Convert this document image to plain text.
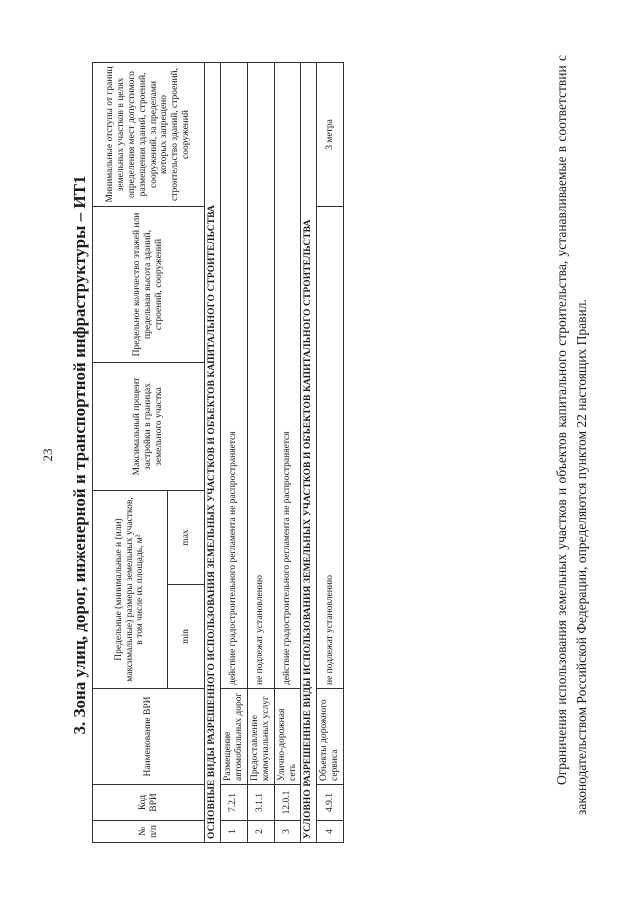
23 3. Зона улиц, дорог, инженерной и транспортной инфраструктуры – ИТ1
№ п/п	Код ВРИ	Наименование ВРИ	Предельные (минимальные и (или) максимальные) размеры земельных участков, в том числе их площадь, м²		Максимальный процент застройки в границах земельного участка	Предельное количество этажей или предельная высота зданий, строений, сооружений	Минимальные отступы от границ земельных участков в целях определения мест допустимого размещения зданий, строений, сооружений, за пределами которых запрещено строительство зданий, строений, сооружений
			min	max			
ОСНОВНЫЕ ВИДЫ РАЗРЕШЕННОГО ИСПОЛЬЗОВАНИЯ ЗЕМЕЛЬНЫХ УЧАСТКОВ И ОБЪЕКТОВ КАПИТАЛЬНОГО СТРОИТЕЛЬСТВА							
1	7.2.1	Размещение автомобильных дорог	действие градостроительного регламента не распространяется				
2	3.1.1	Предоставление коммунальных услуг	не подлежат установлению				
3	12.0.1	Улично-дорожная сеть	действие градостроительного регламента не распространяется				
УСЛОВНО РАЗРЕШЕННЫЕ ВИДЫ ИСПОЛЬЗОВАНИЯ ЗЕМЕЛЬНЫХ УЧАСТКОВ И ОБЪЕКТОВ КАПИТАЛЬНОГО СТРОИТЕЛЬСТВА							
4	4.9.1	Объекты дорожного сервиса	не подлежат установлению				3 метра	Ограничения использования земельных участков и объектов капитального строительства, устанавливаемые в соответствии с законодательством Российской Федерации, определяются пунктом 22 настоящих Правил.
